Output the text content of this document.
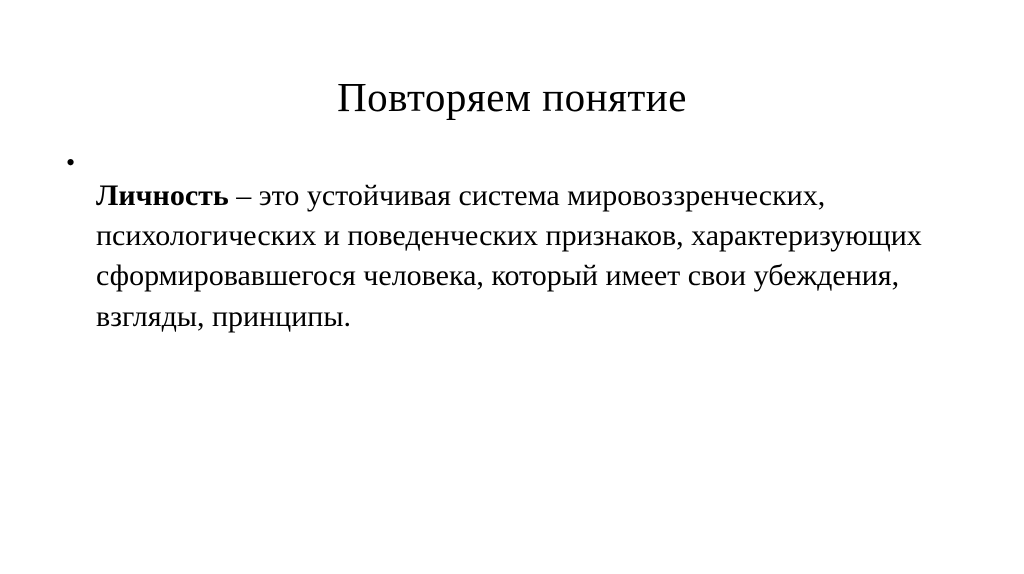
Повторяем понятие
•

Личность – это устойчивая система мировоззренческих, психологических и поведенческих признаков, характеризующих сформировавшегося человека, который имеет свои убеждения, взгляды, принципы.
